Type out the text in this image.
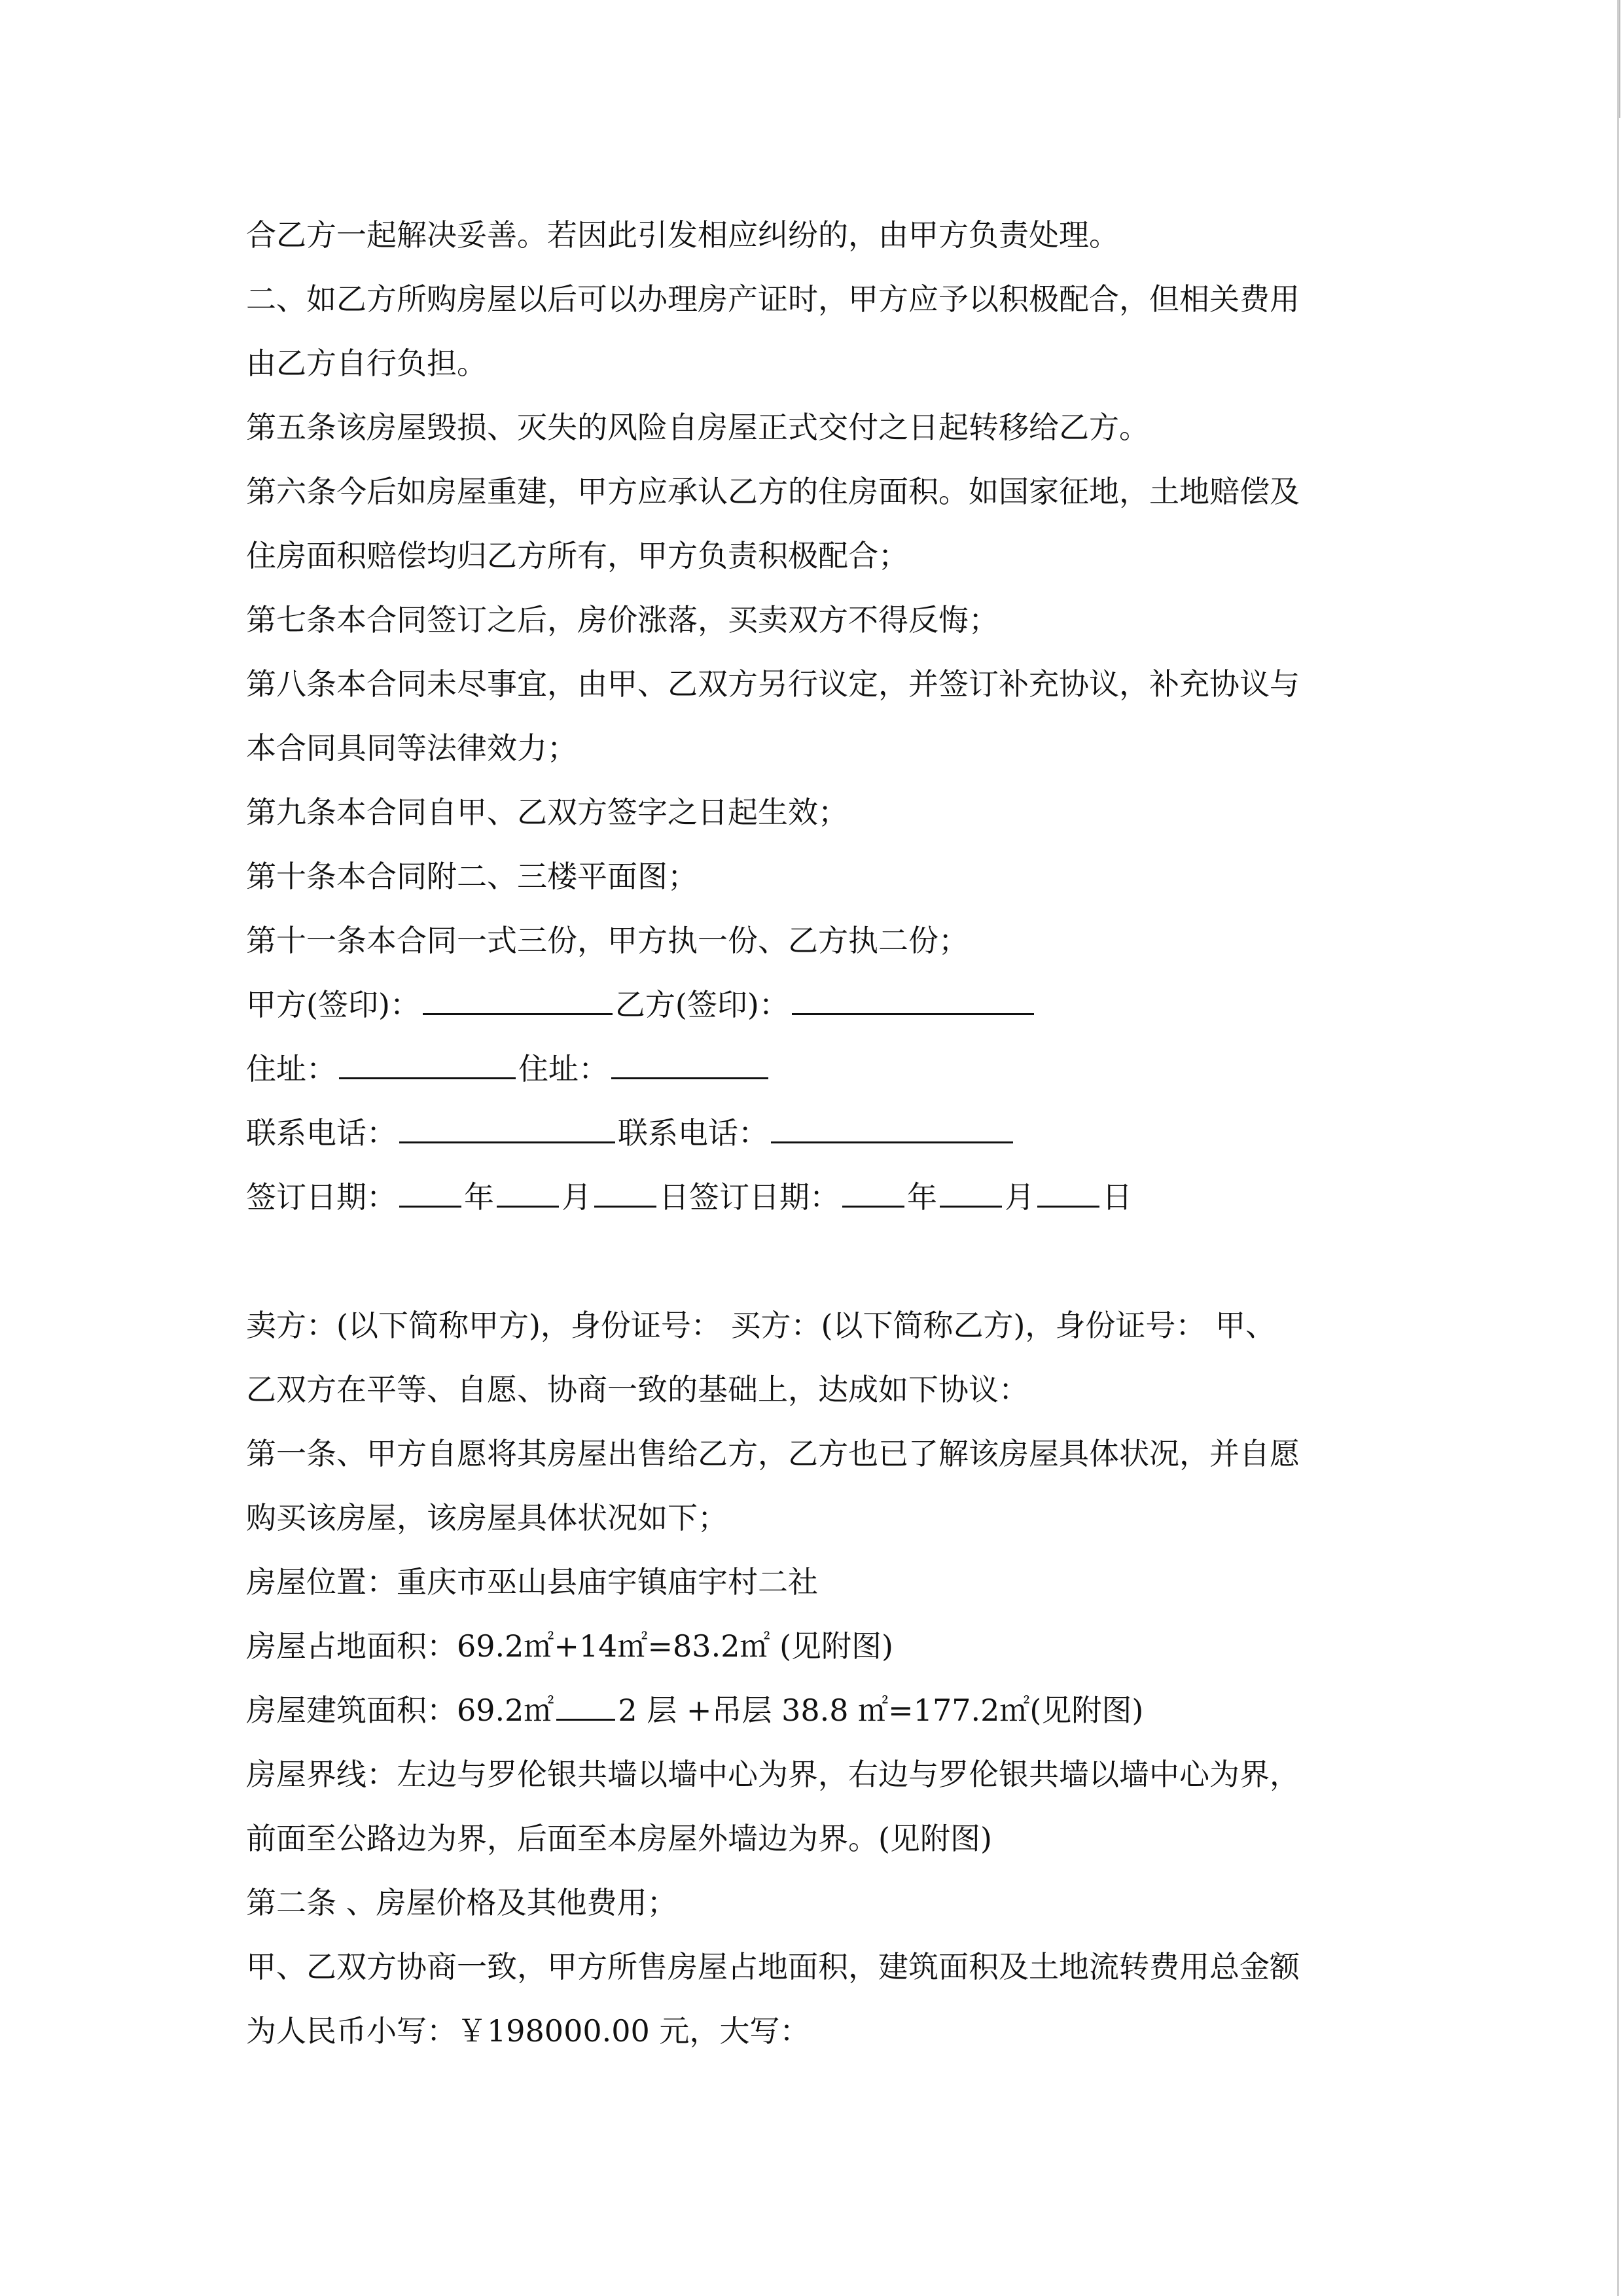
合乙方一起解决妥善。若因此引发相应纠纷的，由甲方负责处理。
二、如乙方所购房屋以后可以办理房产证时，甲方应予以积极配合，但相关费用
由乙方自行负担。
第五条该房屋毁损、灭失的风险自房屋正式交付之日起转移给乙方。
第六条今后如房屋重建，甲方应承认乙方的住房面积。如国家征地，土地赔偿及
住房面积赔偿均归乙方所有，甲方负责积极配合；
第七条本合同签订之后，房价涨落，买卖双方不得反悔；
第八条本合同未尽事宜，由甲、乙双方另行议定，并签订补充协议，补充协议与
本合同具同等法律效力；
第九条本合同自甲、乙双方签字之日起生效；
第十条本合同附二、三楼平面图；
第十一条本合同一式三份，甲方执一份、乙方执二份；
甲方(签印)：	乙方(签印)：
住址：	住址：
联系电话：	联系电话：
签订日期： 年 月 日签订日期： 年 月 日
卖方：(以下简称甲方)，身份证号： 买方：(以下简称乙方)，身份证号： 甲、
乙双方在平等、自愿、协商一致的基础上，达成如下协议：
第一条、甲方自愿将其房屋出售给乙方，乙方也已了解该房屋具体状况，并自愿
购买该房屋，该房屋具体状况如下；
房屋位置：重庆市巫山县庙宇镇庙宇村二社
房屋占地面积：69.2㎡+14㎡=83.2㎡ (见附图)
房屋建筑面积：69.2㎡ 2 层 +吊层 38.8 ㎡=177.2㎡(见附图)
房屋界线：左边与罗伦银共墙以墙中心为界，右边与罗伦银共墙以墙中心为界，
前面至公路边为界，后面至本房屋外墙边为界。(见附图)
第二条 、房屋价格及其他费用；
甲、乙双方协商一致，甲方所售房屋占地面积，建筑面积及土地流转费用总金额
为人民币小写：￥198000.00 元，大写：
